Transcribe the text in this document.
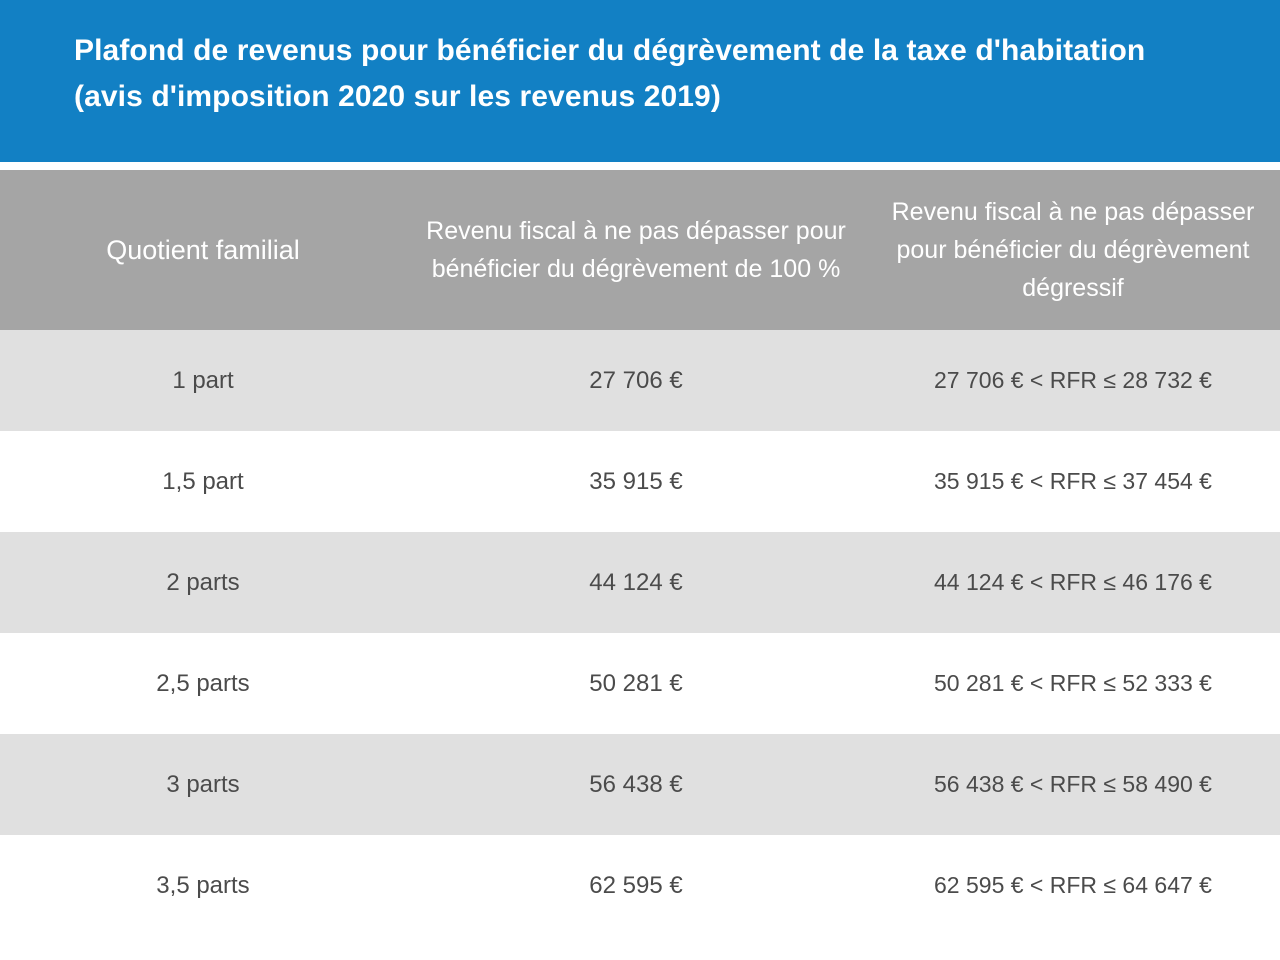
Plafond de revenus pour bénéficier du dégrèvement de la taxe d'habitation (avis d'imposition 2020 sur les revenus 2019)
Quotient familial	Revenu fiscal à ne pas dépasser pour bénéficier du dégrèvement de 100 %	Revenu fiscal à ne pas dépasser pour bénéficier du dégrèvement dégressif
1 part	27 706 €	27 706 € < RFR ≤ 28 732 €
1,5 part	35 915 €	35 915 € < RFR ≤ 37 454 €
2 parts	44 124 €	44 124 € < RFR ≤ 46 176 €
2,5 parts	50 281 €	50 281 € < RFR ≤ 52 333 €
3 parts	56 438 €	56 438 € < RFR ≤ 58 490 €
3,5 parts	62 595 €	62 595 € < RFR ≤ 64 647 €
